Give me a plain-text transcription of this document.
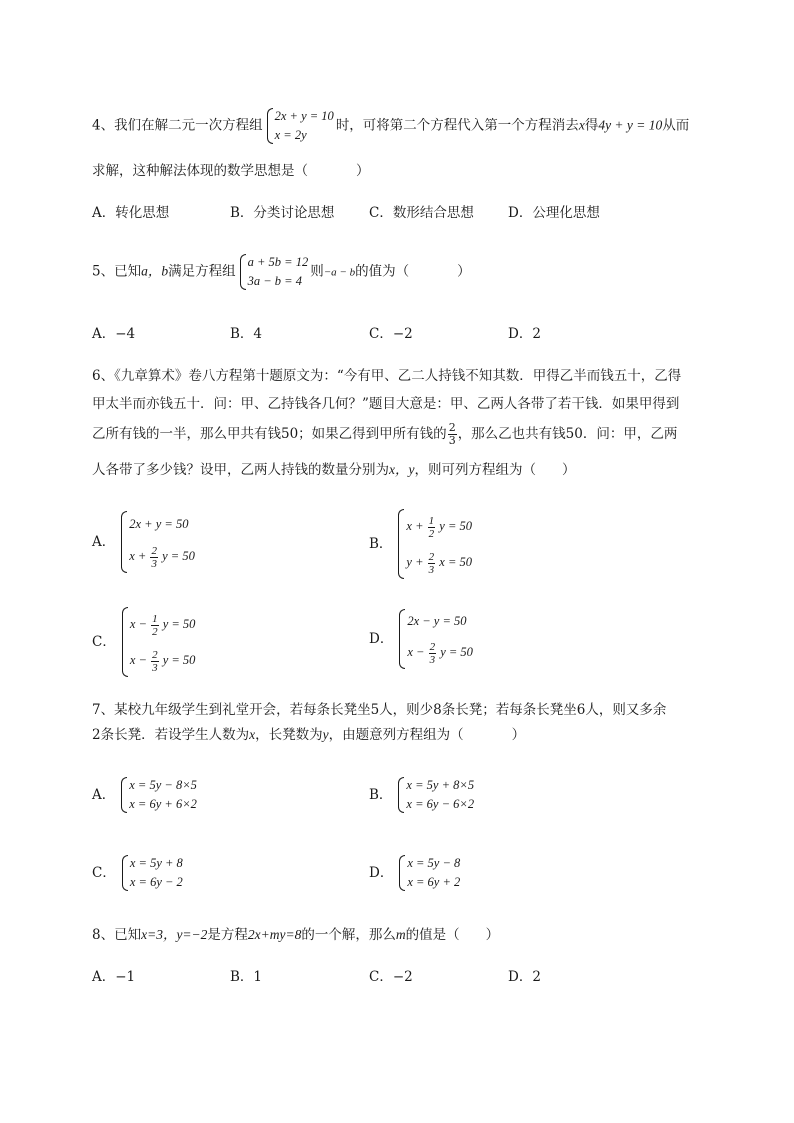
4、我们在解二元一次方程组
2x + y = 10
x = 2y
时，可将第二个方程代入第一个方程消去x得4y + y = 10从而
求解，这种解法体现的数学思想是（	）
A．转化思想	B．分类讨论思想	C．数形结合思想	D．公理化思想
5、已知a，b满足方程组
a + 5b = 12
3a − b = 4
则−a − b的值为（	）
A．−4	B．4	C．−2	D．2
6、《九章算术》卷八方程第十题原文为：“今有甲、乙二人持钱不知其数．甲得乙半而钱五十，乙得
甲太半而亦钱五十．问：甲、乙持钱各几何？”题目大意是：甲、乙两人各带了若干钱．如果甲得到
乙所有钱的一半，那么甲共有钱50；如果乙得到甲所有钱的 $\frac{2}{3}$ ，那么乙也共有钱50．问：甲，乙两
人各带了多少钱？设甲，乙两人持钱的数量分别为x，y，则可列方程组为（ ）
A．
2x + y = 50
$x + \frac{2}{3}$ y = 50
B．
$x + \frac{1}{2}$ y = 50
$y + \frac{2}{3}$ x = 50
C．
$x - \frac{1}{2}$ y = 50
$x - \frac{2}{3}$ y = 50
D．
2x − y = 50
$x - \frac{2}{3}$ y = 50
7、某校九年级学生到礼堂开会，若每条长凳坐5人，则少8条长凳；若每条长凳坐6人，则又多余
2条长凳．若设学生人数为x，长凳数为y，由题意列方程组为（	）
A．
x = 5y − 8×5
x = 6y + 6×2
B．
x = 5y + 8×5
x = 6y − 6×2
C．
x = 5y + 8
x = 6y − 2
D．
x = 5y − 8
x = 6y + 2
8、已知x=3，y=−2是方程2x+my=8的一个解，那么m的值是（ ）
A．−1	B．1	C．−2	D．2
